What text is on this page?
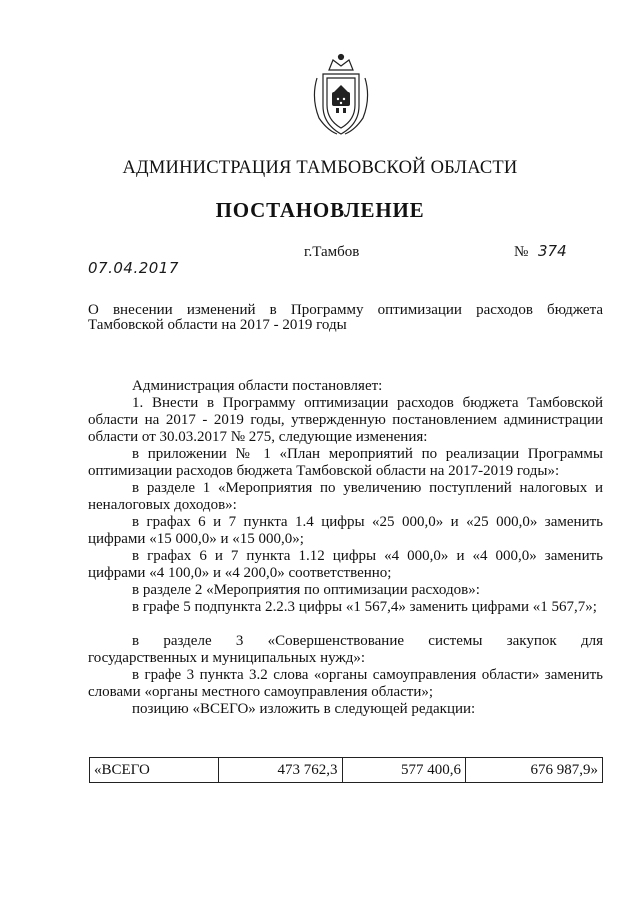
АДМИНИСТРАЦИЯ ТАМБОВСКОЙ ОБЛАСТИ
ПОСТАНОВЛЕНИЕ
г.Тамбов	№ 374
07.04.2017
О внесении изменений в Программу оптимизации расходов бюджета Тамбовской области на 2017 - 2019 годы
Администрация области постановляет:
1. Внести в Программу оптимизации расходов бюджета Тамбовской области на 2017 - 2019 годы, утвержденную постановлением администрации области от 30.03.2017 № 275, следующие изменения:
в приложении № 1 «План мероприятий по реализации Программы оптимизации расходов бюджета Тамбовской области на 2017-2019 годы»:
в разделе 1 «Мероприятия по увеличению поступлений налоговых и неналоговых доходов»:
в графах 6 и 7 пункта 1.4 цифры «25 000,0» и «25 000,0» заменить цифрами «15 000,0» и «15 000,0»;
в графах 6 и 7 пункта 1.12 цифры «4 000,0» и «4 000,0» заменить цифрами «4 100,0» и «4 200,0» соответственно;
в разделе 2 «Мероприятия по оптимизации расходов»:
в графе 5 подпункта 2.2.3 цифры «1 567,4» заменить цифрами «1 567,7»;
в разделе 3 «Совершенствование системы закупок для
государственных и муниципальных нужд»:
в графе 3 пункта 3.2 слова «органы самоуправления области» заменить словами «органы местного самоуправления области»;
позицию «ВСЕГО» изложить в следующей редакции:
«ВСЕГО	473 762,3	577 400,6	676 987,9»
